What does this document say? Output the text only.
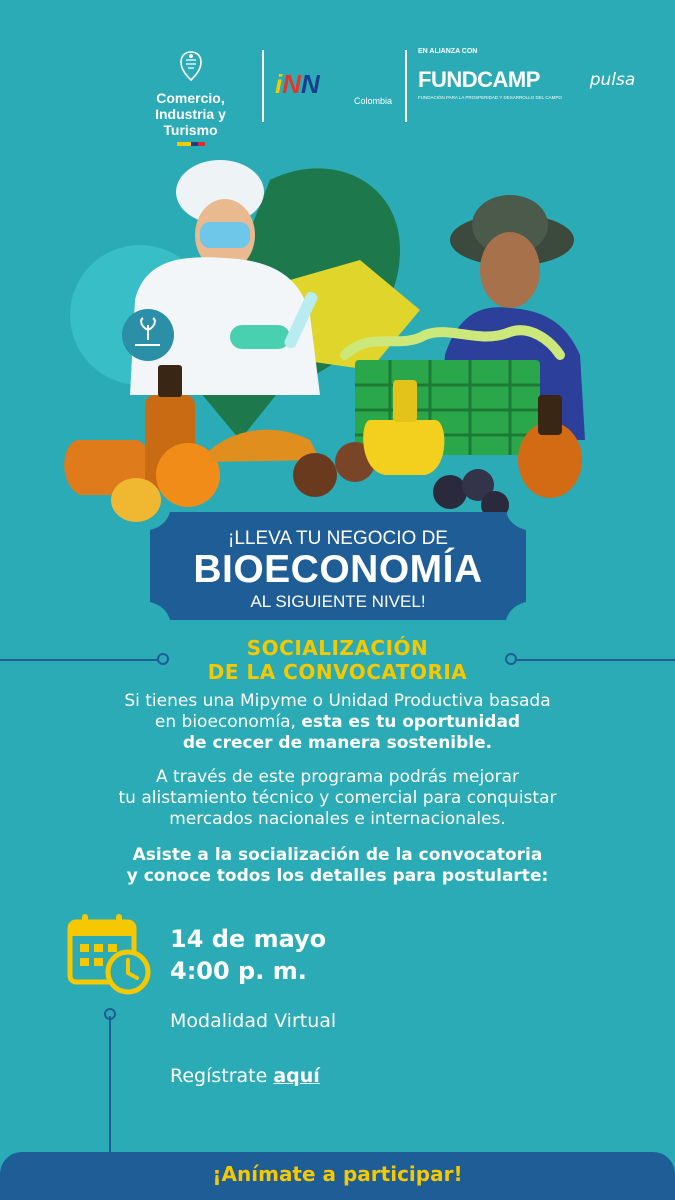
Comercio,
Industria y Turismo
iNN	pulsa
Colombia
EN ALIANZA CON
FUNDCAMP
FUNDACIÓN PARA LA PROSPERIDAD Y DESARROLLO DEL CAMPO
¡LLEVA TU NEGOCIO DE
BIOECONOMÍA
AL SIGUIENTE NIVEL!
SOCIALIZACIÓN
DE LA CONVOCATORIA
Si tienes una Mipyme o Unidad Productiva basada
en bioeconomía, esta es tu oportunidad
de crecer de manera sostenible.
A través de este programa podrás mejorar
tu alistamiento técnico y comercial para conquistar
mercados nacionales e internacionales.
Asiste a la socialización de la convocatoria
y conoce todos los detalles para postularte:
14 de mayo
4:00 p. m.
Modalidad Virtual
Regístrate aquí
¡Anímate a participar!
